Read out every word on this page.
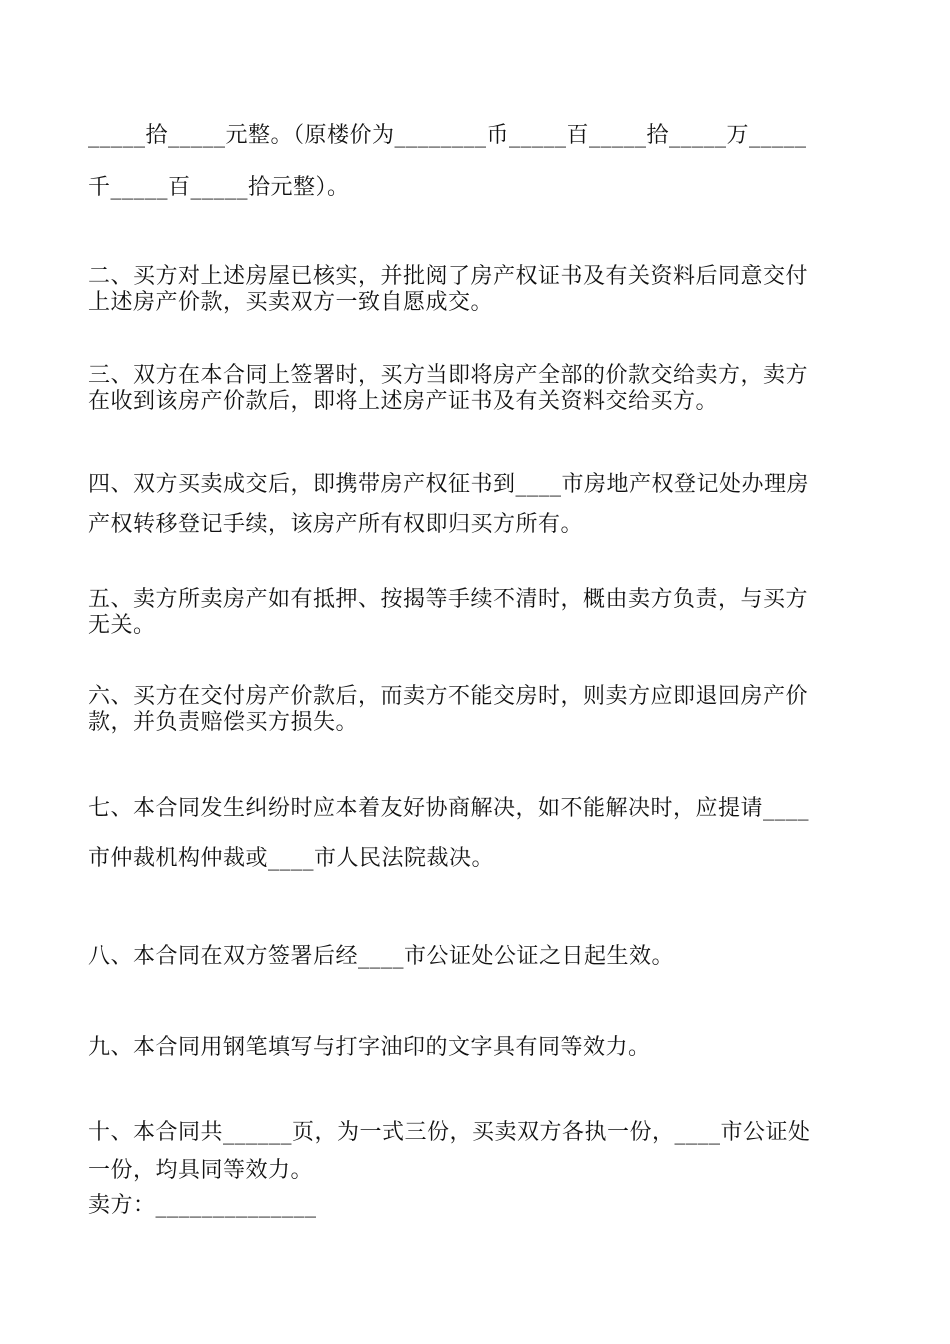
_____拾_____元整。（原楼价为________币_____百_____拾_____万_____
千_____百_____拾元整）。
二、买方对上述房屋已核实，并批阅了房产权证书及有关资料后同意交付
上述房产价款，买卖双方一致自愿成交。
三、双方在本合同上签署时，买方当即将房产全部的价款交给卖方，卖方
在收到该房产价款后，即将上述房产证书及有关资料交给买方。
四、双方买卖成交后，即携带房产权征书到____市房地产权登记处办理房
产权转移登记手续，该房产所有权即归买方所有。
五、卖方所卖房产如有抵押、按揭等手续不清时，概由卖方负责，与买方
无关。
六、买方在交付房产价款后，而卖方不能交房时，则卖方应即退回房产价
款，并负责赔偿买方损失。
七、本合同发生纠纷时应本着友好协商解决，如不能解决时，应提请____
市仲裁机构仲裁或____市人民法院裁决。
八、本合同在双方签署后经____市公证处公证之日起生效。
九、本合同用钢笔填写与打字油印的文字具有同等效力。
十、本合同共______页，为一式三份，买卖双方各执一份，____市公证处
一份，均具同等效力。
卖方：______________
